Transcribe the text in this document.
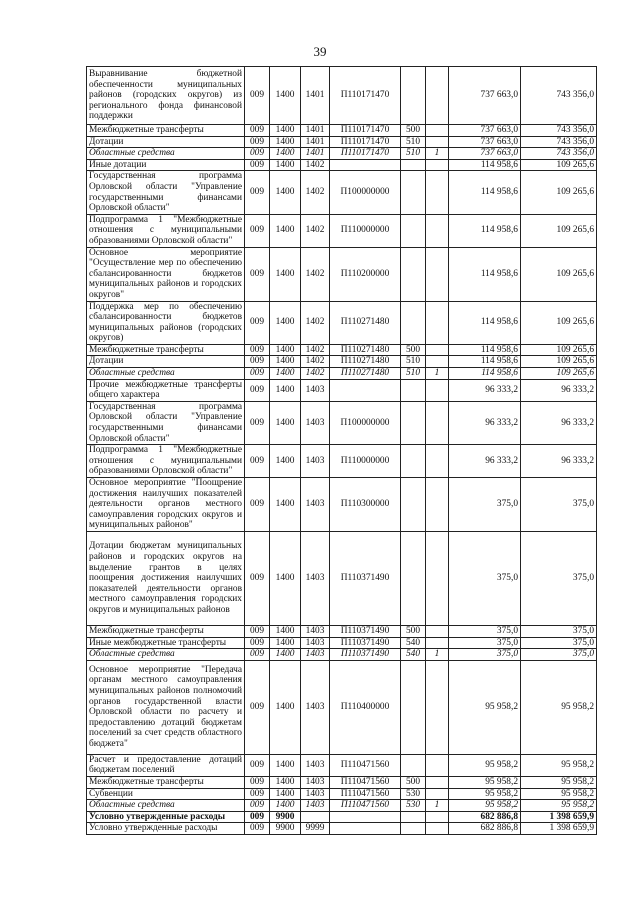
39
Выравнивание бюджетной обеспеченности муниципальных районов (городских округов) из регионального фонда финансовой поддержки	009	1400	1401	П110171470			737 663,0	743 356,0
Межбюджетные трансферты	009	1400	1401	П110171470	500		737 663,0	743 356,0
Дотации	009	1400	1401	П110171470	510		737 663,0	743 356,0
Областные средства	009	1400	1401	П110171470	510	1	737 663,0	743 356,0
Иные дотации	009	1400	1402				114 958,6	109 265,6
Государственная программа Орловской области "Управление государственными финансами Орловской области"	009	1400	1402	П100000000			114 958,6	109 265,6
Подпрограмма 1 "Межбюджетные отношения с муниципальными образованиями Орловской области"	009	1400	1402	П110000000			114 958,6	109 265,6
Основное мероприятие "Осуществление мер по обеспечению сбалансированности бюджетов муниципальных районов и городских округов"	009	1400	1402	П110200000			114 958,6	109 265,6
Поддержка мер по обеспечению сбалансированности бюджетов муниципальных районов (городских округов)	009	1400	1402	П110271480			114 958,6	109 265,6
Межбюджетные трансферты	009	1400	1402	П110271480	500		114 958,6	109 265,6
Дотации	009	1400	1402	П110271480	510		114 958,6	109 265,6
Областные средства	009	1400	1402	П110271480	510	1	114 958,6	109 265,6
Прочие межбюджетные трансферты общего характера	009	1400	1403				96 333,2	96 333,2
Государственная программа Орловской области "Управление государственными финансами Орловской области"	009	1400	1403	П100000000			96 333,2	96 333,2
Подпрограмма 1 "Межбюджетные отношения с муниципальными образованиями Орловской области"	009	1400	1403	П110000000			96 333,2	96 333,2
Основное мероприятие "Поощрение достижения наилучших показателей деятельности органов местного самоуправления городских округов и муниципальных районов"	009	1400	1403	П110300000			375,0	375,0
Дотации бюджетам муниципальных районов и городских округов на выделение грантов в целях поощрения достижения наилучших показателей деятельности органов местного самоуправления городских округов и муниципальных районов	009	1400	1403	П110371490			375,0	375,0
Межбюджетные трансферты	009	1400	1403	П110371490	500		375,0	375,0
Иные межбюджетные трансферты	009	1400	1403	П110371490	540		375,0	375,0
Областные средства	009	1400	1403	П110371490	540	1	375,0	375,0
Основное мероприятие "Передача органам местного самоуправления муниципальных районов полномочий органов государственной власти Орловской области по расчету и предоставлению дотаций бюджетам поселений за счет средств областного бюджета"	009	1400	1403	П110400000			95 958,2	95 958,2
Расчет и предоставление дотаций бюджетам поселений	009	1400	1403	П110471560			95 958,2	95 958,2
Межбюджетные трансферты	009	1400	1403	П110471560	500		95 958,2	95 958,2
Субвенции	009	1400	1403	П110471560	530		95 958,2	95 958,2
Областные средства	009	1400	1403	П110471560	530	1	95 958,2	95 958,2
Условно утвержденные расходы	009	9900					682 886,8	1 398 659,9
Условно утвержденные расходы	009	9900	9999				682 886,8	1 398 659,9
